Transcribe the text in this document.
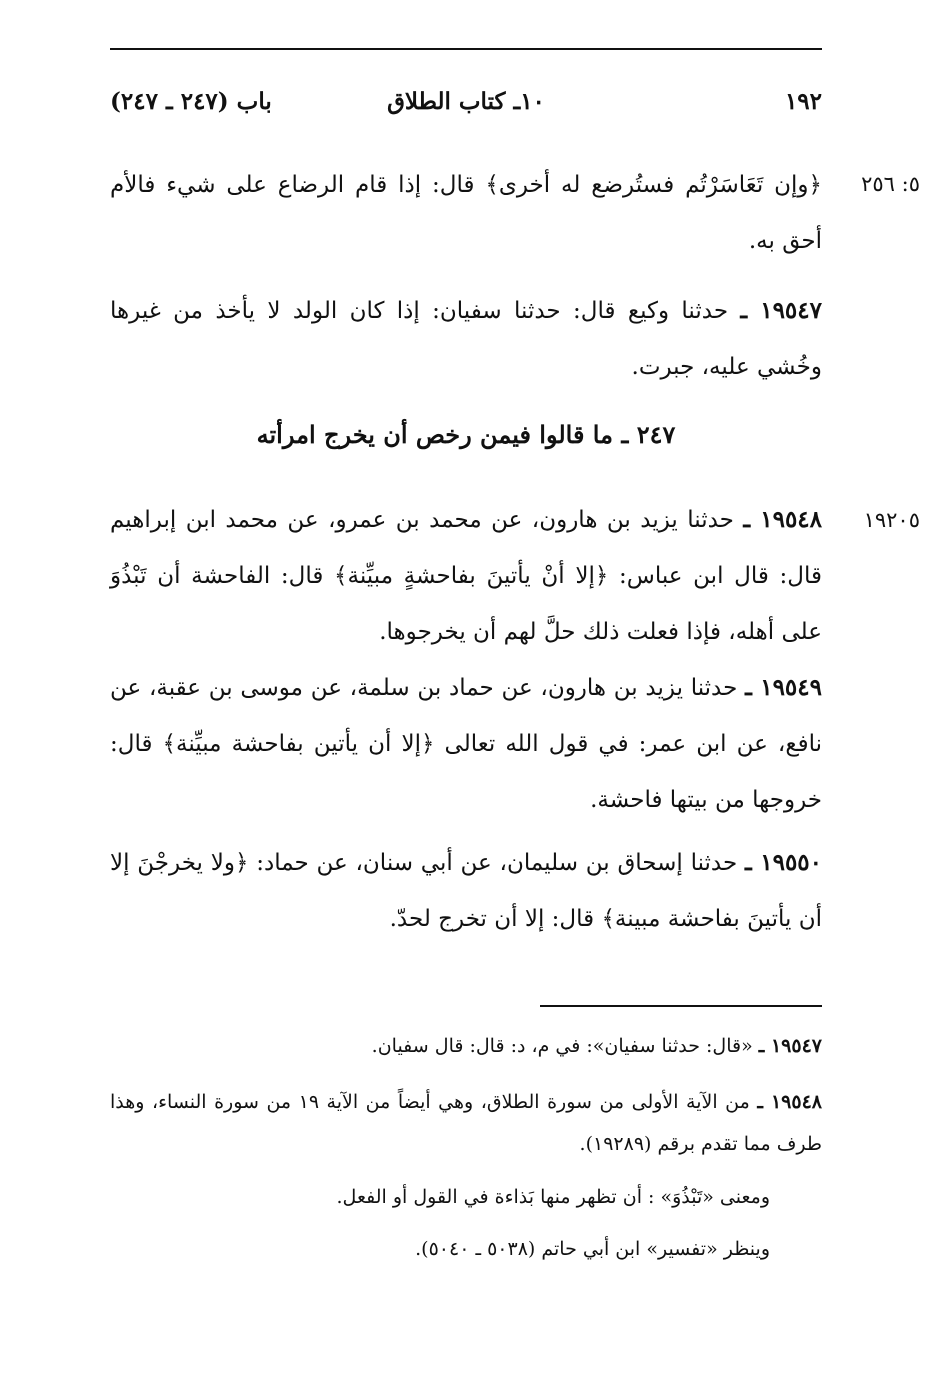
١٩٢
١٠ـ كتاب الطلاق
باب (٢٤٧ ـ ٢٤٧)
٥: ٢٥٦
١٩٢٠٥
﴿وإن تَعَاسَرْتُم فستُرضع له أخرى﴾ قال: إذا قام الرضاع على شيء فالأم أحق به.
١٩٥٤٧ ـ حدثنا وكيع قال: حدثنا سفيان: إذا كان الولد لا يأخذ من غيرها وخُشي عليه، جبرت.
٢٤٧ ـ ما قالوا فيمن رخص أن يخرج امرأته
١٩٥٤٨ ـ حدثنا يزيد بن هارون، عن محمد بن عمرو، عن محمد ابن إبراهيم قال: قال ابن عباس: ﴿إلا أنْ يأتينَ بفاحشةٍ مبيِّنة﴾ قال: الفاحشة أن تَبْذُوَ على أهله، فإذا فعلت ذلك حلَّ لهم أن يخرجوها.
١٩٥٤٩ ـ حدثنا يزيد بن هارون، عن حماد بن سلمة، عن موسى بن عقبة، عن نافع، عن ابن عمر: في قول الله تعالى ﴿إلا أن يأتين بفاحشة مبيِّنة﴾ قال: خروجها من بيتها فاحشة.
١٩٥٥٠ ـ حدثنا إسحاق بن سليمان، عن أبي سنان، عن حماد: ﴿ولا يخرجْنَ إلا أن يأتينَ بفاحشة مبينة﴾ قال: إلا أن تخرج لحدّ.
١٩٥٤٧ ـ «قال: حدثنا سفيان»: في م، د: قال: قال سفيان.
١٩٥٤٨ ـ من الآية الأولى من سورة الطلاق، وهي أيضاً من الآية ١٩ من سورة النساء، وهذا طرف مما تقدم برقم (١٩٢٨٩).
ومعنى «تَبْذُوَ» : أن تظهر منها بَذاءة في القول أو الفعل.
وينظر «تفسير» ابن أبي حاتم (٥٠٣٨ ـ ٥٠٤٠).
